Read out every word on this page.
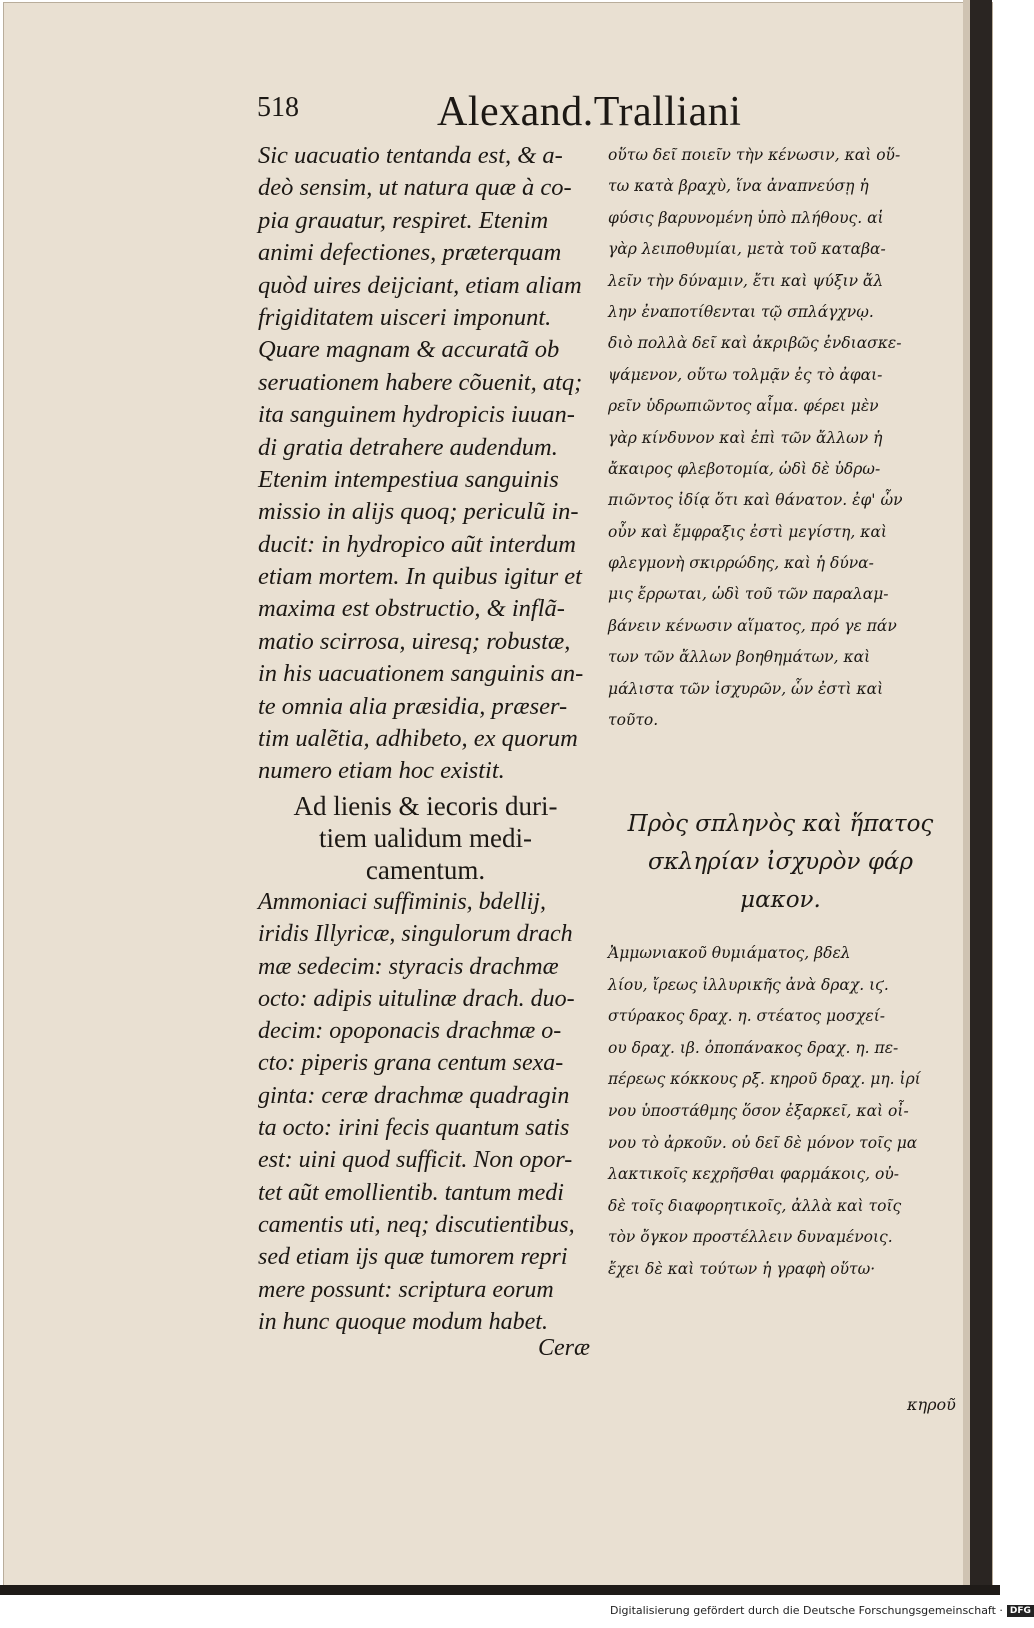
518	Alexand.Tralliani
Sic uacuatio tentanda est, & a-
deò sensim, ut natura quæ à co-
pia grauatur, respiret. Etenim
animi defectiones, præterquam
quòd uires deijciant, etiam aliam
frigiditatem uisceri imponunt.
Quare magnam & accuratã ob
seruationem habere cõuenit, atq;
ita sanguinem hydropicis iuuan-
di gratia detrahere audendum.
Etenim intempestiua sanguinis
missio in alijs quoq; periculũ in-
ducit: in hydropico aũt interdum
etiam mortem. In quibus igitur et
maxima est obstructio, & inflã-
matio scirrosa, uiresq; robustæ,
in his uacuationem sanguinis an-
te omnia alia præsidia, præser-
tim ualẽtia, adhibeto, ex quorum
numero etiam hoc existit.
Ad lienis & iecoris duri-
tiem ualidum medi-
camentum.
Ammoniaci suffiminis, bdellij,
iridis Illyricæ, singulorum drach
mæ sedecim: styracis drachmæ
octo: adipis uitulinæ drach. duo-
decim: opoponacis drachmæ o-
cto: piperis grana centum sexa-
ginta: ceræ drachmæ quadragin
ta octo: irini fecis quantum satis
est: uini quod sufficit. Non opor-
tet aũt emollientib. tantum medi
camentis uti, neq; discutientibus,
sed etiam ijs quæ tumorem repri
mere possunt: scriptura eorum
in hunc quoque modum habet.
Ceræ
οὕτω δεῖ ποιεῖν τὴν κένωσιν, καὶ οὕ-
τω κατὰ βραχὺ, ἵνα ἀναπνεύσῃ ἡ
φύσις βαρυνομένη ὑπὸ πλήθους. αἱ
γὰρ λειποθυμίαι, μετὰ τοῦ καταβα-
λεῖν τὴν δύναμιν, ἔτι καὶ ψύξιν ἄλ
λην ἐναποτίθενται τῷ σπλάγχνῳ.
διὸ πολλὰ δεῖ καὶ ἀκριβῶς ἐνδιασκε-
ψάμενον, οὕτω τολμᾷν ἐς τὸ ἀφαι-
ρεῖν ὑδρωπιῶντος αἷμα. φέρει μὲν
γὰρ κίνδυνον καὶ ἐπὶ τῶν ἄλλων ἡ
ἄκαιρος φλεβοτομία, ὡδὶ δὲ ὑδρω-
πιῶντος ἰδίᾳ ὅτι καὶ θάνατον. ἐφ' ὧν
οὖν καὶ ἔμφραξις ἐστὶ μεγίστη, καὶ
φλεγμονὴ σκιρρώδης, καὶ ἡ δύνα-
μις ἔρρωται, ὡδὶ τοῦ τῶν παραλαμ-
βάνειν κένωσιν αἵματος, πρό γε πάν
των τῶν ἄλλων βοηθημάτων, καὶ
μάλιστα τῶν ἰσχυρῶν, ὧν ἐστὶ καὶ
τοῦτο.
Πρὸς σπληνὸς καὶ ἥπατος
σκληρίαν ἰσχυρὸν φάρ
μακον.
Ἀμμωνιακοῦ θυμιάματος, βδελ
λίου, ἴρεως ἰλλυρικῆς ἀνὰ δραχ. ιϛ.
στύρακος δραχ. η. στέατος μοσχεί-
ου δραχ. ιβ. ὀποπάνακος δραχ. η. πε-
πέρεως κόκκους ρξ. κηροῦ δραχ. μη. ἰρί
νου ὑποστάθμης ὅσον ἐξαρκεῖ, καὶ οἶ-
νου τὸ ἀρκοῦν. οὐ δεῖ δὲ μόνον τοῖς μα
λακτικοῖς κεχρῆσθαι φαρμάκοις, οὐ-
δὲ τοῖς διαφορητικοῖς, ἀλλὰ καὶ τοῖς
τὸν ὄγκον προστέλλειν δυναμένοις.
ἔχει δὲ καὶ τούτων ἡ γραφὴ οὕτω·
κηροῦ
Digitalisierung gefördert durch die Deutsche Forschungsgemeinschaft · DFG
